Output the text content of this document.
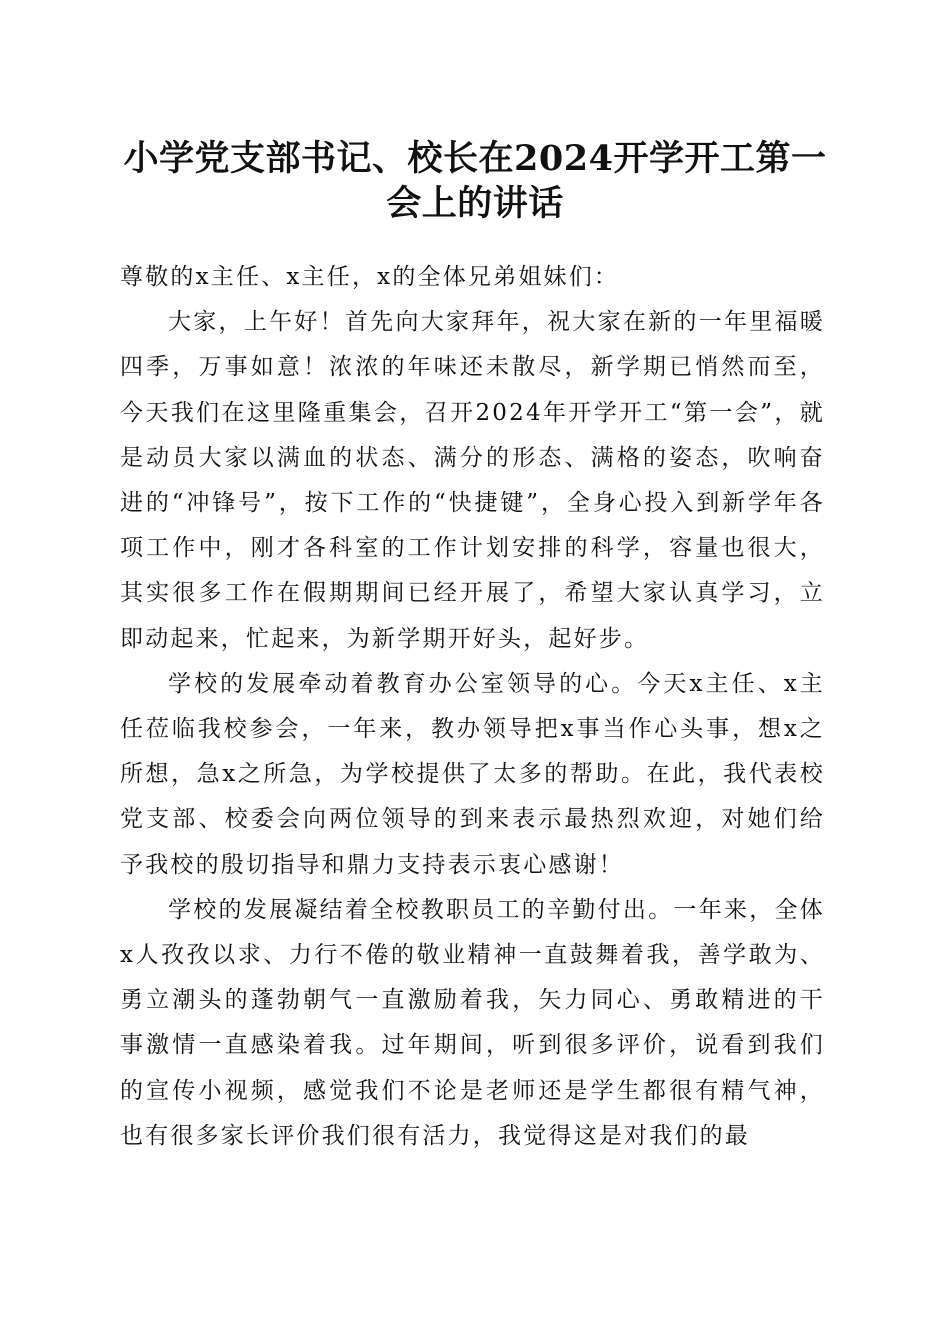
小学党支部书记、校长在2024开学开工第一
会上的讲话

尊敬的x主任、x主任，x的全体兄弟姐妹们：

大家，上午好！首先向大家拜年，祝大家在新的一年里福暖四季，万事如意！浓浓的年味还未散尽，新学期已悄然而至，今天我们在这里隆重集会，召开2024年开学开工“第一会”，就是动员大家以满血的状态、满分的形态、满格的姿态，吹响奋进的“冲锋号”，按下工作的“快捷键”，全身心投入到新学年各项工作中，刚才各科室的工作计划安排的科学，容量也很大，其实很多工作在假期期间已经开展了，希望大家认真学习，立即动起来，忙起来，为新学期开好头，起好步。

学校的发展牵动着教育办公室领导的心。今天x主任、x主任莅临我校参会，一年来，教办领导把x事当作心头事，想x之所想，急x之所急，为学校提供了太多的帮助。在此，我代表校党支部、校委会向两位领导的到来表示最热烈欢迎，对她们给予我校的殷切指导和鼎力支持表示衷心感谢！

学校的发展凝结着全校教职员工的辛勤付出。一年来，全体x人孜孜以求、力行不倦的敬业精神一直鼓舞着我，善学敢为、勇立潮头的蓬勃朝气一直激励着我，矢力同心、勇敢精进的干事激情一直感染着我。过年期间，听到很多评价，说看到我们的宣传小视频，感觉我们不论是老师还是学生都很有精气神，也有很多家长评价我们很有活力，我觉得这是对我们的最
